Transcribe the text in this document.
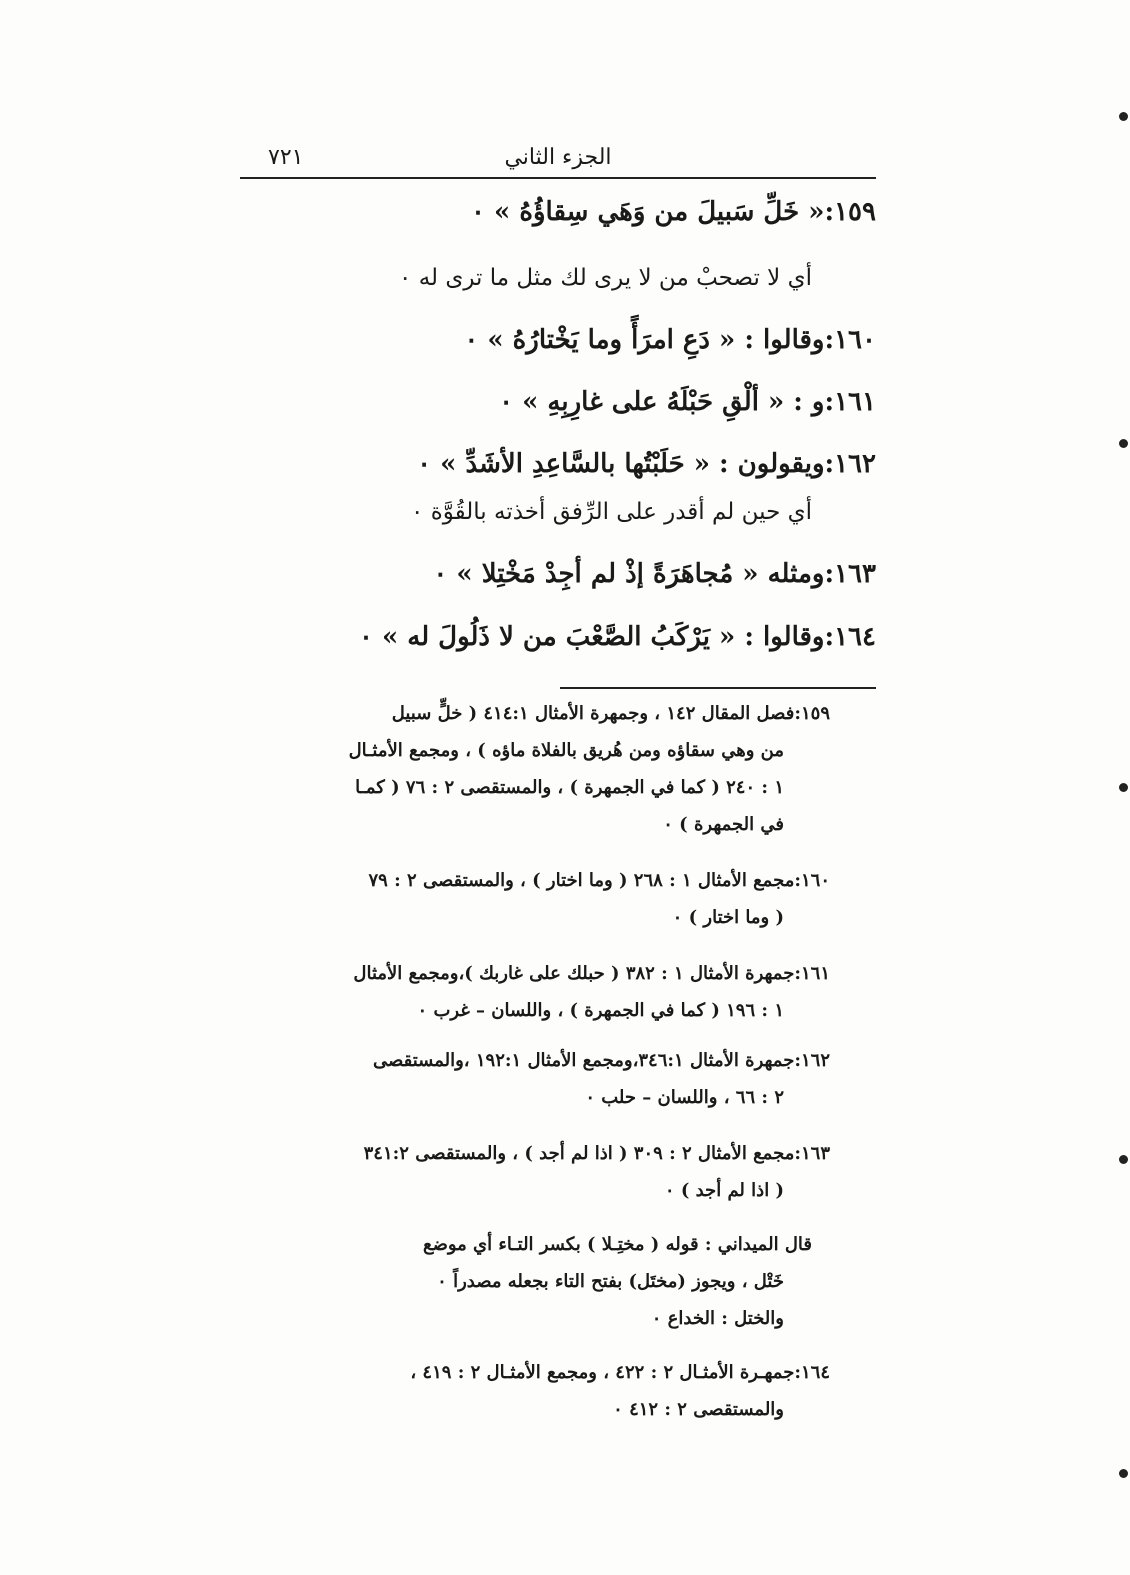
٧٢١	الجزء الثاني
١٥٩:« خَلِّ سَبيلَ من وَهَي سِقاؤُهُ » ٠
أي لا تصحبْ من لا يرى لك مثل ما ترى له ٠
١٦٠:وقالوا : « دَعِ امرَأً وما يَخْتارُهُ » ٠
١٦١:و : « ألْقِ حَبْلَهُ على غارِبِهِ » ٠
١٦٢:ويقولون : « حَلَبْتُها بالسَّاعِدِ الأشَدِّ » ٠
أي حين لم أقدر على الرِّفق أخذته بالقُوَّة ٠
١٦٣:ومثله « مُجاهَرَةً إذْ لم أجِدْ مَخْتِلا » ٠
١٦٤:وقالوا : « يَرْكَبُ الصَّعْبَ من لا ذَلُولَ له » ٠
١٥٩:فصل المقال ١٤٢ ، وجمهرة الأمثال ٤١٤:١ ( خلٍّ سبيل
من وهي سقاؤه ومن هُريق بالفلاة ماؤه ) ، ومجمع الأمثـال
١ : ٢٤٠ ( كما في الجمهرة ) ، والمستقصى ٢ : ٧٦ ( كمـا
في الجمهرة ) ٠
١٦٠:مجمع الأمثال ١ : ٢٦٨ ( وما اختار ) ، والمستقصى ٢ : ٧٩
( وما اختار ) ٠
١٦١:جمهرة الأمثال ١ : ٣٨٢ ( حبلك على غاربك )،ومجمع الأمثال
١ : ١٩٦ ( كما في الجمهرة ) ، واللسان – غرب ٠
١٦٢:جمهرة الأمثال ٣٤٦:١،ومجمع الأمثال ١٩٢:١ ،والمستقصى
٢ : ٦٦ ، واللسان – حلب ٠
١٦٣:مجمع الأمثال ٢ : ٣٠٩ ( اذا لم أجد ) ، والمستقصى ٣٤١:٢
( اذا لم أجد ) ٠
قال الميداني : قوله ( مختِـلا ) بكسر التـاء أي موضع
خَتْل ، ويجوز (مختَل) بفتح التاء بجعله مصدراً ٠
والختل : الخداع ٠
١٦٤:جمهـرة الأمثـال ٢ : ٤٢٢ ، ومجمع الأمثـال ٢ : ٤١٩ ،
والمستقصى ٢ : ٤١٢ ٠
